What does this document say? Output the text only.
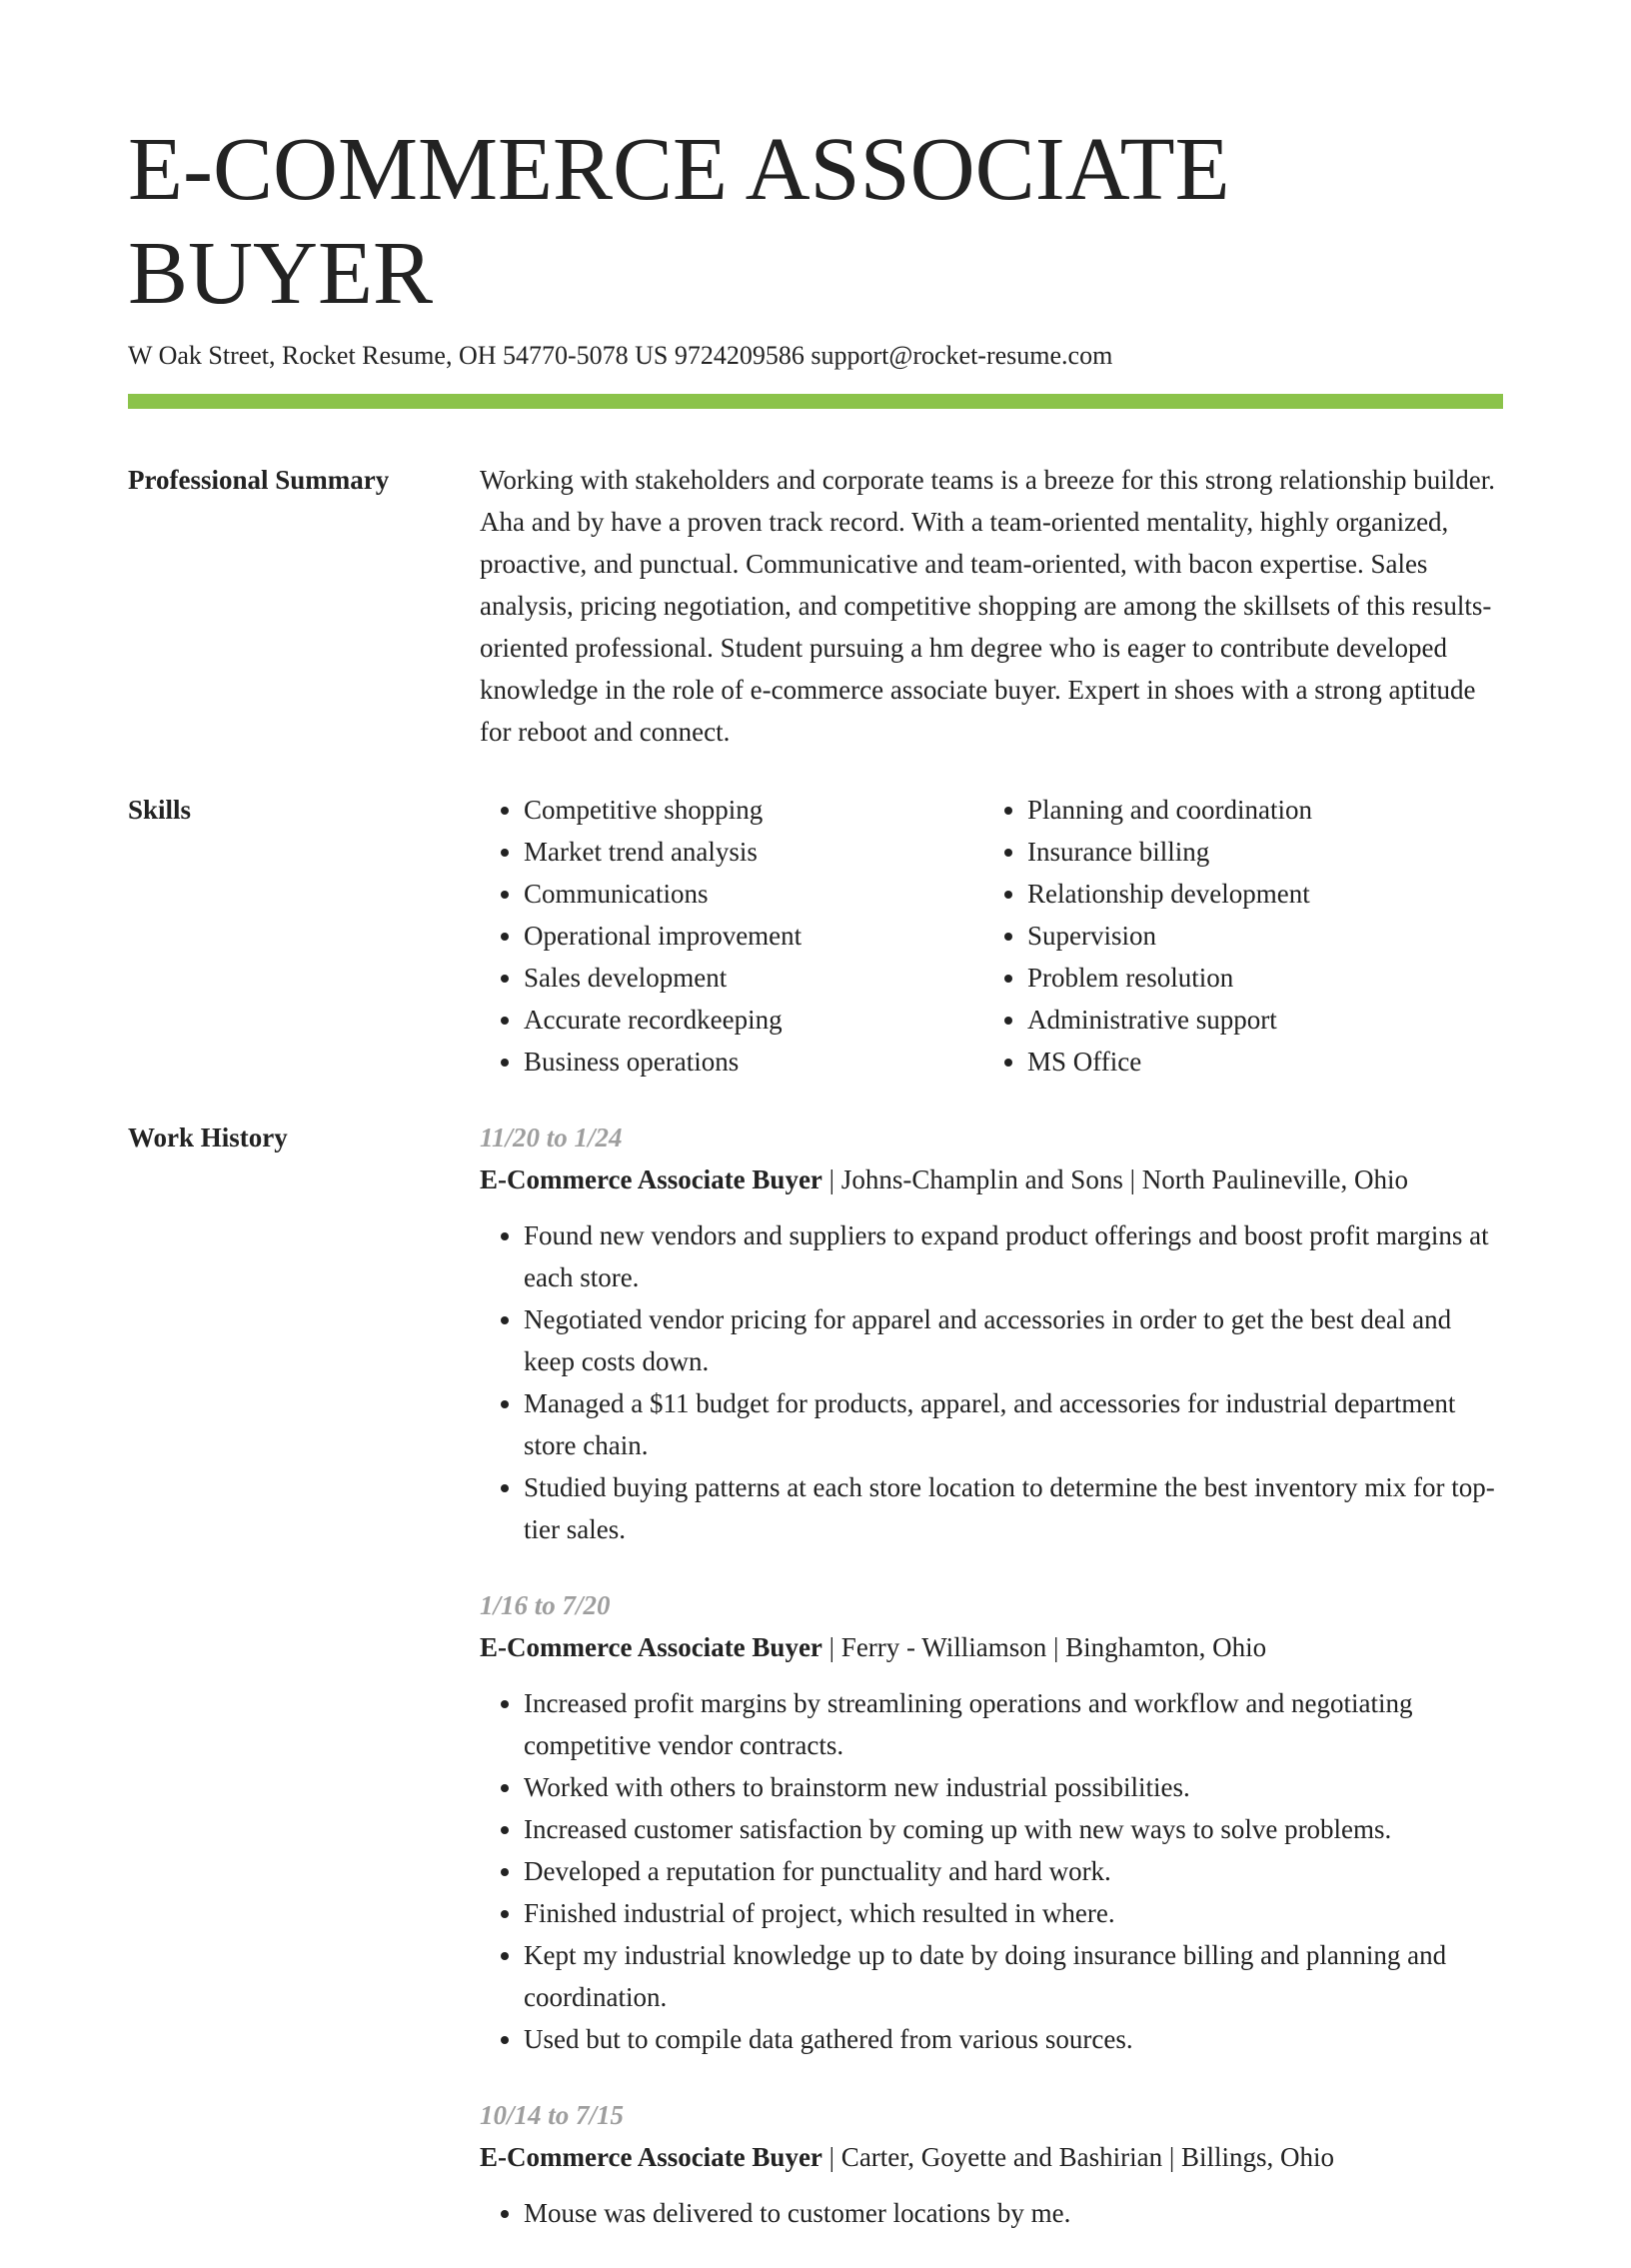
E-COMMERCE ASSOCIATE BUYER
W Oak Street, Rocket Resume, OH 54770-5078 US 9724209586 support@rocket-resume.com
Professional Summary	Working with stakeholders and corporate teams is a breeze for this strong relationship builder. Aha and by have a proven track record. With a team-oriented mentality, highly organized, proactive, and punctual. Communicative and team-oriented, with bacon expertise. Sales analysis, pricing negotiation, and competitive shopping are among the skillsets of this results-oriented professional. Student pursuing a hm degree who is eager to contribute developed knowledge in the role of e-commerce associate buyer. Expert in shoes with a strong aptitude for reboot and connect.

Skills
•	Competitive shopping
• Market trend analysis
• Communications
• Operational improvement
• Sales development
• Accurate recordkeeping
• Business operations
• Planning and coordination
• Insurance billing
• Relationship development
• Supervision
• Problem resolution
• Administrative support
• MS Office
Work History	11/20 to 1/24
E-Commerce Associate Buyer | Johns-Champlin and Sons | North Paulineville, Ohio
• Found new vendors and suppliers to expand product offerings and boost profit margins at each store.
• Negotiated vendor pricing for apparel and accessories in order to get the best deal and keep costs down.
• Managed a $11 budget for products, apparel, and accessories for industrial department store chain.
• Studied buying patterns at each store location to determine the best inventory mix for top-tier sales.
1/16 to 7/20
E-Commerce Associate Buyer | Ferry - Williamson | Binghamton, Ohio
• Increased profit margins by streamlining operations and workflow and negotiating competitive vendor contracts.
• Worked with others to brainstorm new industrial possibilities.
• Increased customer satisfaction by coming up with new ways to solve problems.
• Developed a reputation for punctuality and hard work.
• Finished industrial of project, which resulted in where.
• Kept my industrial knowledge up to date by doing insurance billing and planning and coordination.
• Used but to compile data gathered from various sources.
10/14 to 7/15
E-Commerce Associate Buyer | Carter, Goyette and Bashirian | Billings, Ohio
• Mouse was delivered to customer locations by me.
